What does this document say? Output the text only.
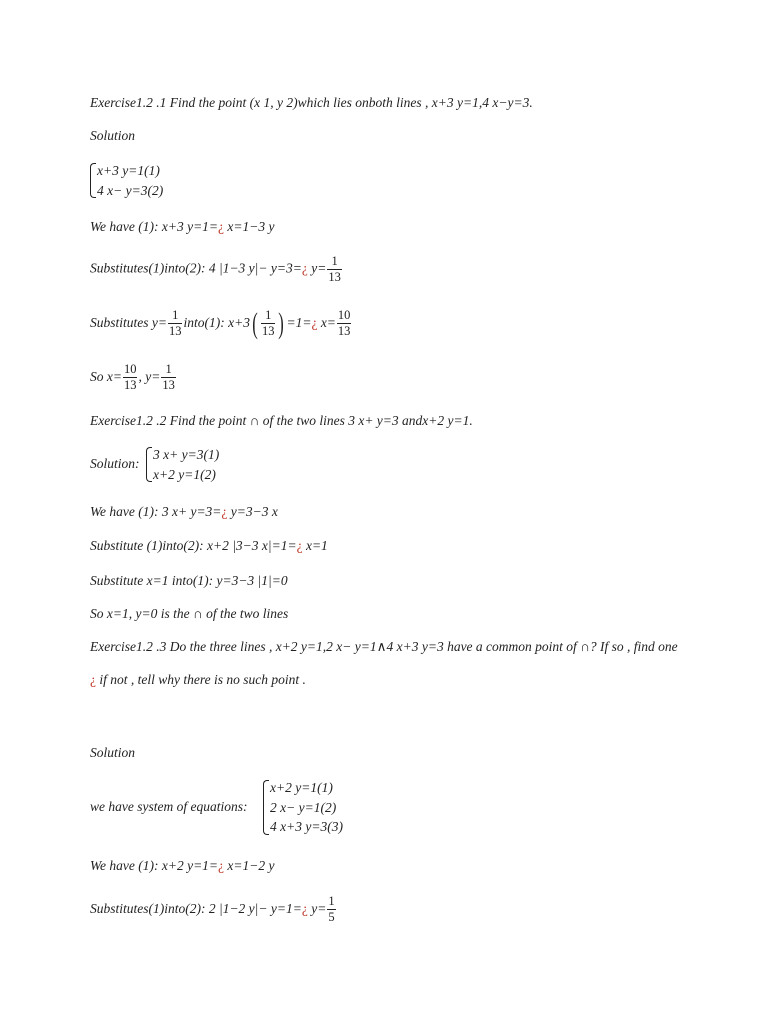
Exercise1.2 .1 Find the point (x 1, y 2)which lies onboth lines , x+3 y=1,4 x−y=3.
Solution
x+3 y=1(1)
4 x− y=3(2)
We have (1): x+3 y=1=¿ x=1−3 y
Substitutes(1)into(2): 4 |1−3 y|− y=3=¿ $y= \frac{1}{13}$
Substitutes $y= \frac{1}{13}$ into(1): $x+3( \frac{1}{13}$ ) =1=¿ $x= \frac{10}{13}$
So $x= \frac{10}{13}$ , $y= \frac{1}{13}$
Exercise1.2 .2 Find the point ∩ of the two lines 3 x+ y=3 andx+2 y=1.
Solution:
3 x+ y=3(1)
x+2 y=1(2)
We have (1): 3 x+ y=3=¿ y=3−3 x
Substitute (1)into(2): x+2 |3−3 x|=1=¿ x=1
Substitute x=1 into(1): y=3−3 |1|=0
So x=1, y=0 is the ∩ of the two lines
Exercise1.2 .3 Do the three lines , x+2 y=1,2 x− y=1∧4 x+3 y=3 have a common point of ∩? If so , find one
¿ if not , tell why there is no such point .
Solution
we have system of equations:
x+2 y=1(1)
2 x− y=1(2)
4 x+3 y=3(3)
We have (1): x+2 y=1=¿ x=1−2 y
Substitutes(1)into(2): 2 |1−2 y|− y=1=¿ $y= \frac{1}{5}$
